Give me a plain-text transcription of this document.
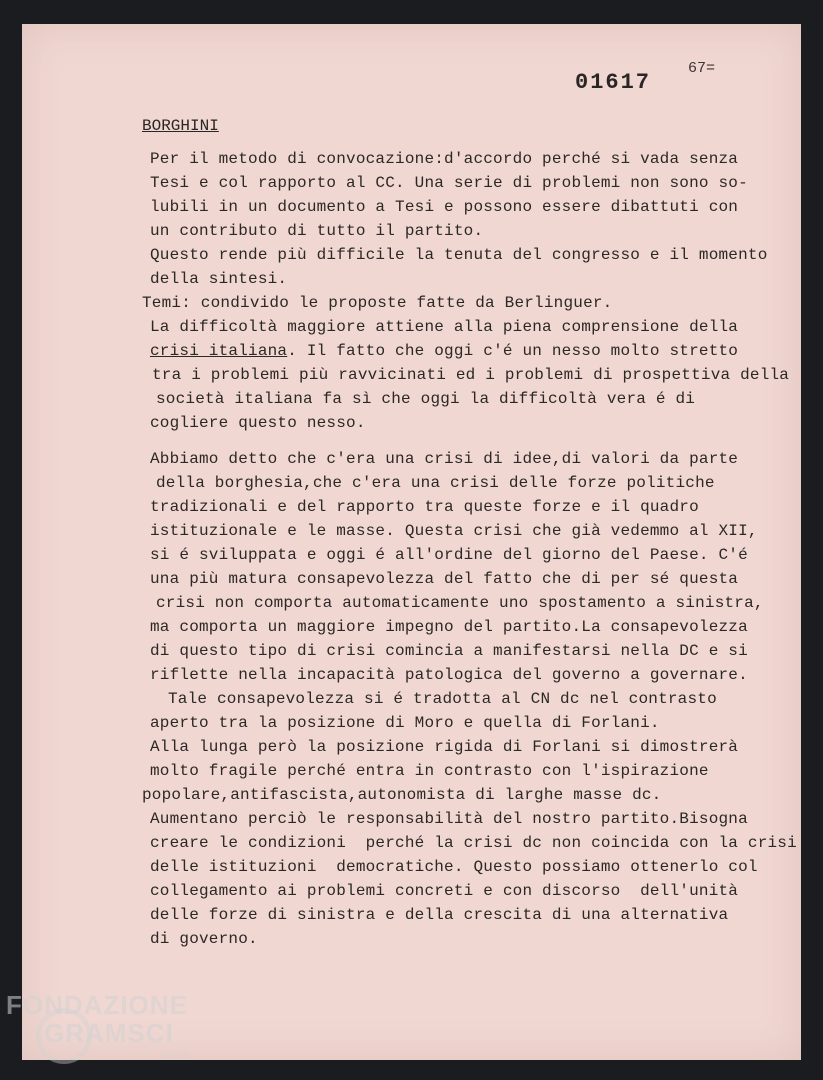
67=
01617
BORGHINI
Per il metodo di convocazione:d'accordo perché si vada senza
Tesi e col rapporto al CC. Una serie di problemi non sono so-
lubili in un documento a Tesi e possono essere dibattuti con
un contributo di tutto il partito.
Questo rende più difficile la tenuta del congresso e il momento
della sintesi.
Temi: condivido le proposte fatte da Berlinguer.
La difficoltà maggiore attiene alla piena comprensione della
crisi italiana. Il fatto che oggi c'é un nesso molto stretto
tra i problemi più ravvicinati ed i problemi di prospettiva della
società italiana fa sì che oggi la difficoltà vera é di
cogliere questo nesso.
Abbiamo detto che c'era una crisi di idee,di valori da parte
della borghesia,che c'era una crisi delle forze politiche
tradizionali e del rapporto tra queste forze e il quadro
istituzionale e le masse. Questa crisi che già vedemmo al XII,
si é sviluppata e oggi é all'ordine del giorno del Paese. C'é
una più matura consapevolezza del fatto che di per sé questa
crisi non comporta automaticamente uno spostamento a sinistra,
ma comporta un maggiore impegno del partito.La consapevolezza
di questo tipo di crisi comincia a manifestarsi nella DC e si
riflette nella incapacità patologica del governo a governare.
Tale consapevolezza si é tradotta al CN dc nel contrasto
aperto tra la posizione di Moro e quella di Forlani.
Alla lunga però la posizione rigida di Forlani si dimostrerà
molto fragile perché entra in contrasto con l'ispirazione
popolare,antifascista,autonomista di larghe masse dc.
Aumentano perciò le responsabilità del nostro partito.Bisogna
creare le condizioni  perché la crisi dc non coincida con la crisi
delle istituzioni  democratiche. Questo possiamo ottenerlo col
collegamento ai problemi concreti e con discorso  dell'unità
delle forze di sinistra e della crescita di una alternativa
di governo.
FONDAZIONE
GRAMSCI
onlus
